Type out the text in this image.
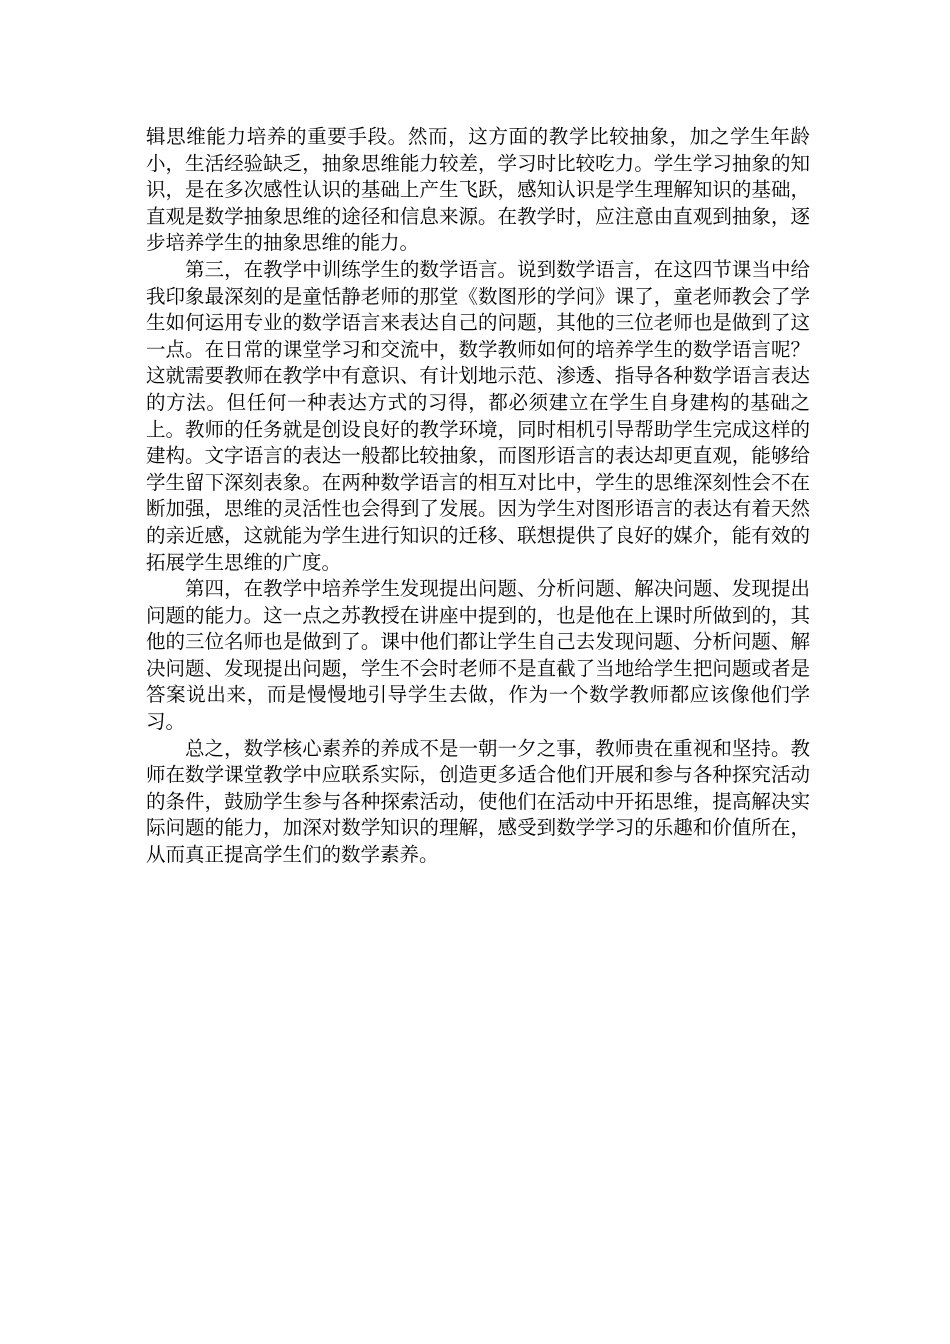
辑思维能力培养的重要手段。然而，这方面的教学比较抽象，加之学生年龄小，生活经验缺乏，抽象思维能力较差，学习时比较吃力。学生学习抽象的知识，是在多次感性认识的基础上产生飞跃，感知认识是学生理解知识的基础，直观是数学抽象思维的途径和信息来源。在教学时，应注意由直观到抽象，逐步培养学生的抽象思维的能力。

第三，在教学中训练学生的数学语言。说到数学语言，在这四节课当中给我印象最深刻的是童恬静老师的那堂《数图形的学问》课了，童老师教会了学生如何运用专业的数学语言来表达自己的问题，其他的三位老师也是做到了这一点。在日常的课堂学习和交流中，数学教师如何的培养学生的数学语言呢？这就需要教师在教学中有意识、有计划地示范、渗透、指导各种数学语言表达的方法。但任何一种表达方式的习得，都必须建立在学生自身建构的基础之上。教师的任务就是创设良好的教学环境，同时相机引导帮助学生完成这样的建构。文字语言的表达一般都比较抽象，而图形语言的表达却更直观，能够给学生留下深刻表象。在两种数学语言的相互对比中，学生的思维深刻性会不在断加强，思维的灵活性也会得到了发展。因为学生对图形语言的表达有着天然的亲近感，这就能为学生进行知识的迁移、联想提供了良好的媒介，能有效的拓展学生思维的广度。

第四，在教学中培养学生发现提出问题、分析问题、解决问题、发现提出问题的能力。这一点之苏教授在讲座中提到的，也是他在上课时所做到的，其他的三位名师也是做到了。课中他们都让学生自己去发现问题、分析问题、解决问题、发现提出问题，学生不会时老师不是直截了当地给学生把问题或者是答案说出来，而是慢慢地引导学生去做，作为一个数学教师都应该像他们学习。

总之，数学核心素养的养成不是一朝一夕之事，教师贵在重视和坚持。教师在数学课堂教学中应联系实际，创造更多适合他们开展和参与各种探究活动的条件，鼓励学生参与各种探索活动，使他们在活动中开拓思维，提高解决实际问题的能力，加深对数学知识的理解，感受到数学学习的乐趣和价值所在，从而真正提高学生们的数学素养。
